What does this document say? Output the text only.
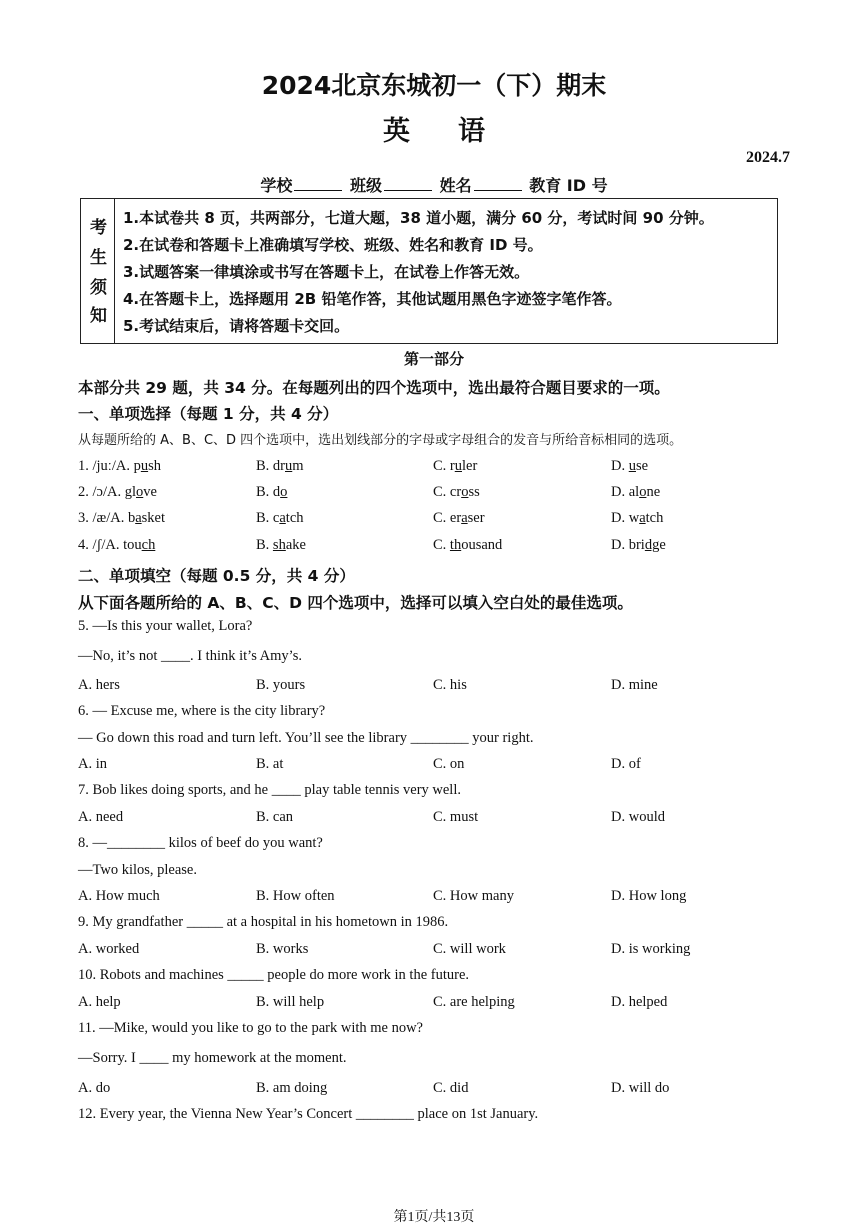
2024北京东城初一（下）期末
英语
2024.7
学校	班级	姓名	教育 ID 号
考
生
须
知
1.本试卷共 8 页，共两部分，七道大题，38 道小题，满分 60 分，考试时间 90 分钟。
2.在试卷和答题卡上准确填写学校、班级、姓名和教育 ID 号。
3.试题答案一律填涂或书写在答题卡上，在试卷上作答无效。
4.在答题卡上，选择题用 2B 铅笔作答，其他试题用黑色字迹签字笔作答。
5.考试结束后，请将答题卡交回。
第一部分
本部分共 29 题，共 34 分。在每题列出的四个选项中，选出最符合题目要求的一项。
一、单项选择（每题 1 分，共 4 分）
从每题所给的 A、B、C、D 四个选项中，选出划线部分的字母或字母组合的发音与所给音标相同的选项。
1. /juː/A. push	B. drum	C. ruler	D. use
2. /ɔ/A. glove	B. do	C. cross	D. alone
3. /æ/A. basket	B. catch	C. eraser	D. watch
4. /ʃ/A. touch	B. shake	C. thousand	D. bridge
二、单项填空（每题 0.5 分，共 4 分）
从下面各题所给的 A、B、C、D 四个选项中，选择可以填入空白处的最佳选项。
5. —Is this your wallet, Lora?
—No, it’s not ____. I think it’s Amy’s.
A. hers	B. yours	C. his	D. mine
6. — Excuse me, where is the city library?
— Go down this road and turn left. You’ll see the library ________ your right.
A. in	B. at	C. on	D. of
7. Bob likes doing sports, and he ____ play table tennis very well.
A. need	B. can	C. must	D. would
8. —________ kilos of beef do you want?
—Two kilos, please.
A. How much	B. How often	C. How many	D. How long
9. My grandfather _____ at a hospital in his hometown in 1986.
A. worked	B. works	C. will work	D. is working
10. Robots and machines _____ people do more work in the future.
A. help	B. will help	C. are helping	D. helped
11. —Mike, would you like to go to the park with me now?
—Sorry. I ____ my homework at the moment.
A. do	B. am doing	C. did	D. will do
12. Every year, the Vienna New Year’s Concert ________ place on 1st January.
第1页/共13页
